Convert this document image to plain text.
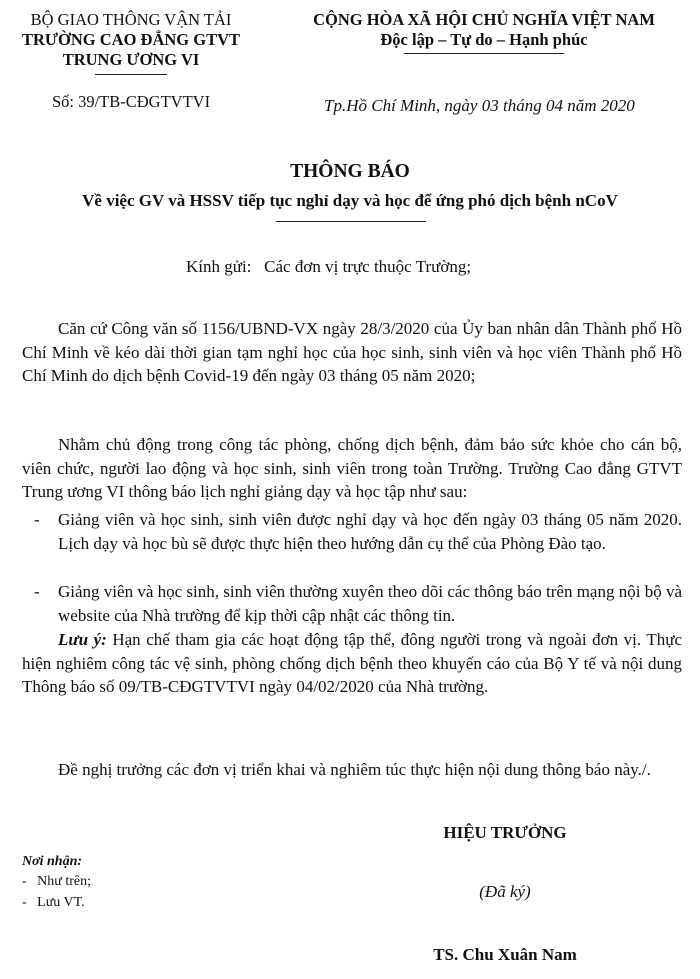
BỘ GIAO THÔNG VẬN TẢI
TRƯỜNG CAO ĐẲNG GTVT
TRUNG ƯƠNG VI
Số: 39/TB-CĐGTVTVI
CỘNG HÒA XÃ HỘI CHỦ NGHĨA VIỆT NAM
Độc lập – Tự do – Hạnh phúc
Tp.Hồ Chí Minh, ngày 03 tháng 04 năm 2020
THÔNG BÁO
Về việc GV và HSSV tiếp tục nghỉ dạy và học để ứng phó dịch bệnh nCoV
Kính gửi: Các đơn vị trực thuộc Trường;

Căn cứ Công văn số 1156/UBND-VX ngày 28/3/2020 của Ủy ban nhân dân Thành phố Hồ Chí Minh về kéo dài thời gian tạm nghỉ học của học sinh, sinh viên và học viên Thành phố Hồ Chí Minh do dịch bệnh Covid-19 đến ngày 03 tháng 05 năm 2020;

Nhằm chủ động trong công tác phòng, chống dịch bệnh, đảm bảo sức khỏe cho cán bộ, viên chức, người lao động và học sinh, sinh viên trong toàn Trường. Trường Cao đẳng GTVT Trung ương VI thông báo lịch nghỉ giảng dạy và học tập như sau:

-	Giảng viên và học sinh, sinh viên được nghỉ dạy và học đến ngày 03 tháng 05 năm 2020. Lịch dạy và học bù sẽ được thực hiện theo hướng dẫn cụ thể của Phòng Đào tạo.
-	Giảng viên và học sinh, sinh viên thường xuyên theo dõi các thông báo trên mạng nội bộ và website của Nhà trường để kịp thời cập nhật các thông tin.

Lưu ý: Hạn chế tham gia các hoạt động tập thể, đông người trong và ngoài đơn vị. Thực hiện nghiêm công tác vệ sinh, phòng chống dịch bệnh theo khuyến cáo của Bộ Y tế và nội dung Thông báo số 09/TB-CĐGTVTVI ngày 04/02/2020 của Nhà trường.

Đề nghị trưởng các đơn vị triển khai và nghiêm túc thực hiện nội dung thông báo này./.

Nơi nhận:
- Như trên;
- Lưu VT.
HIỆU TRƯỞNG
(Đã ký)
TS. Chu Xuân Nam
